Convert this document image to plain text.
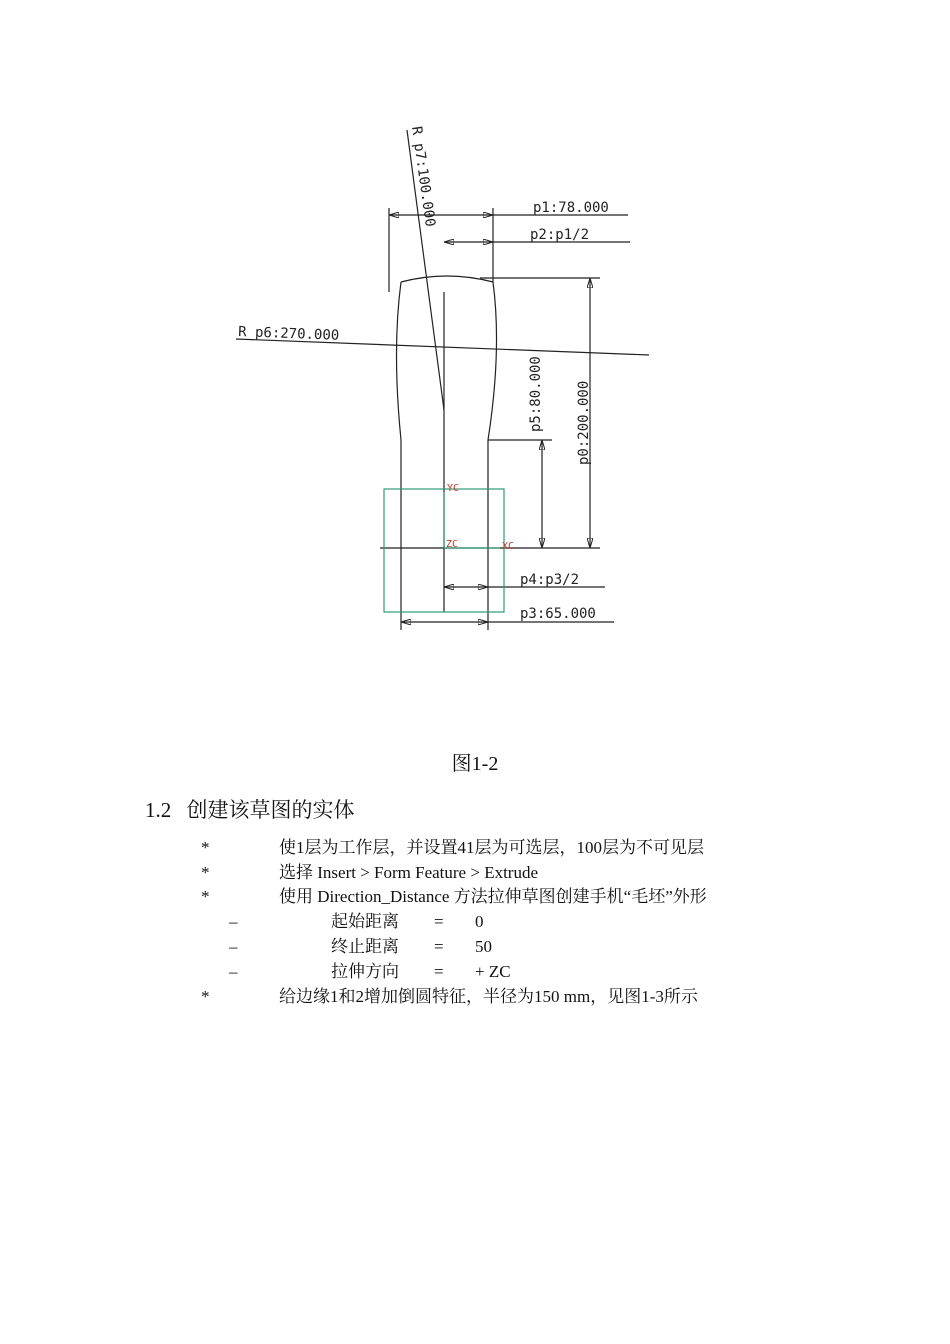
R p7:100.000	p1:78.000
p2:p1/2
R p6:270.000
p5:80.000 p0:200.000
p4:p3/2
p3:65.000
YC
ZC	XC
图1-2
1.2 创建该草图的实体
*	使1层为工作层，并设置41层为可选层，100层为不可见层
*	选择 Insert > Form Feature > Extrude
*	使用 Direction_Distance 方法拉伸草图创建手机“毛坯”外形
–	起始距离 = 0
–	终止距离 = 50
–	拉伸方向 = + ZC
*	给边缘1和2增加倒圆特征，半径为150 mm，见图1-3所示
